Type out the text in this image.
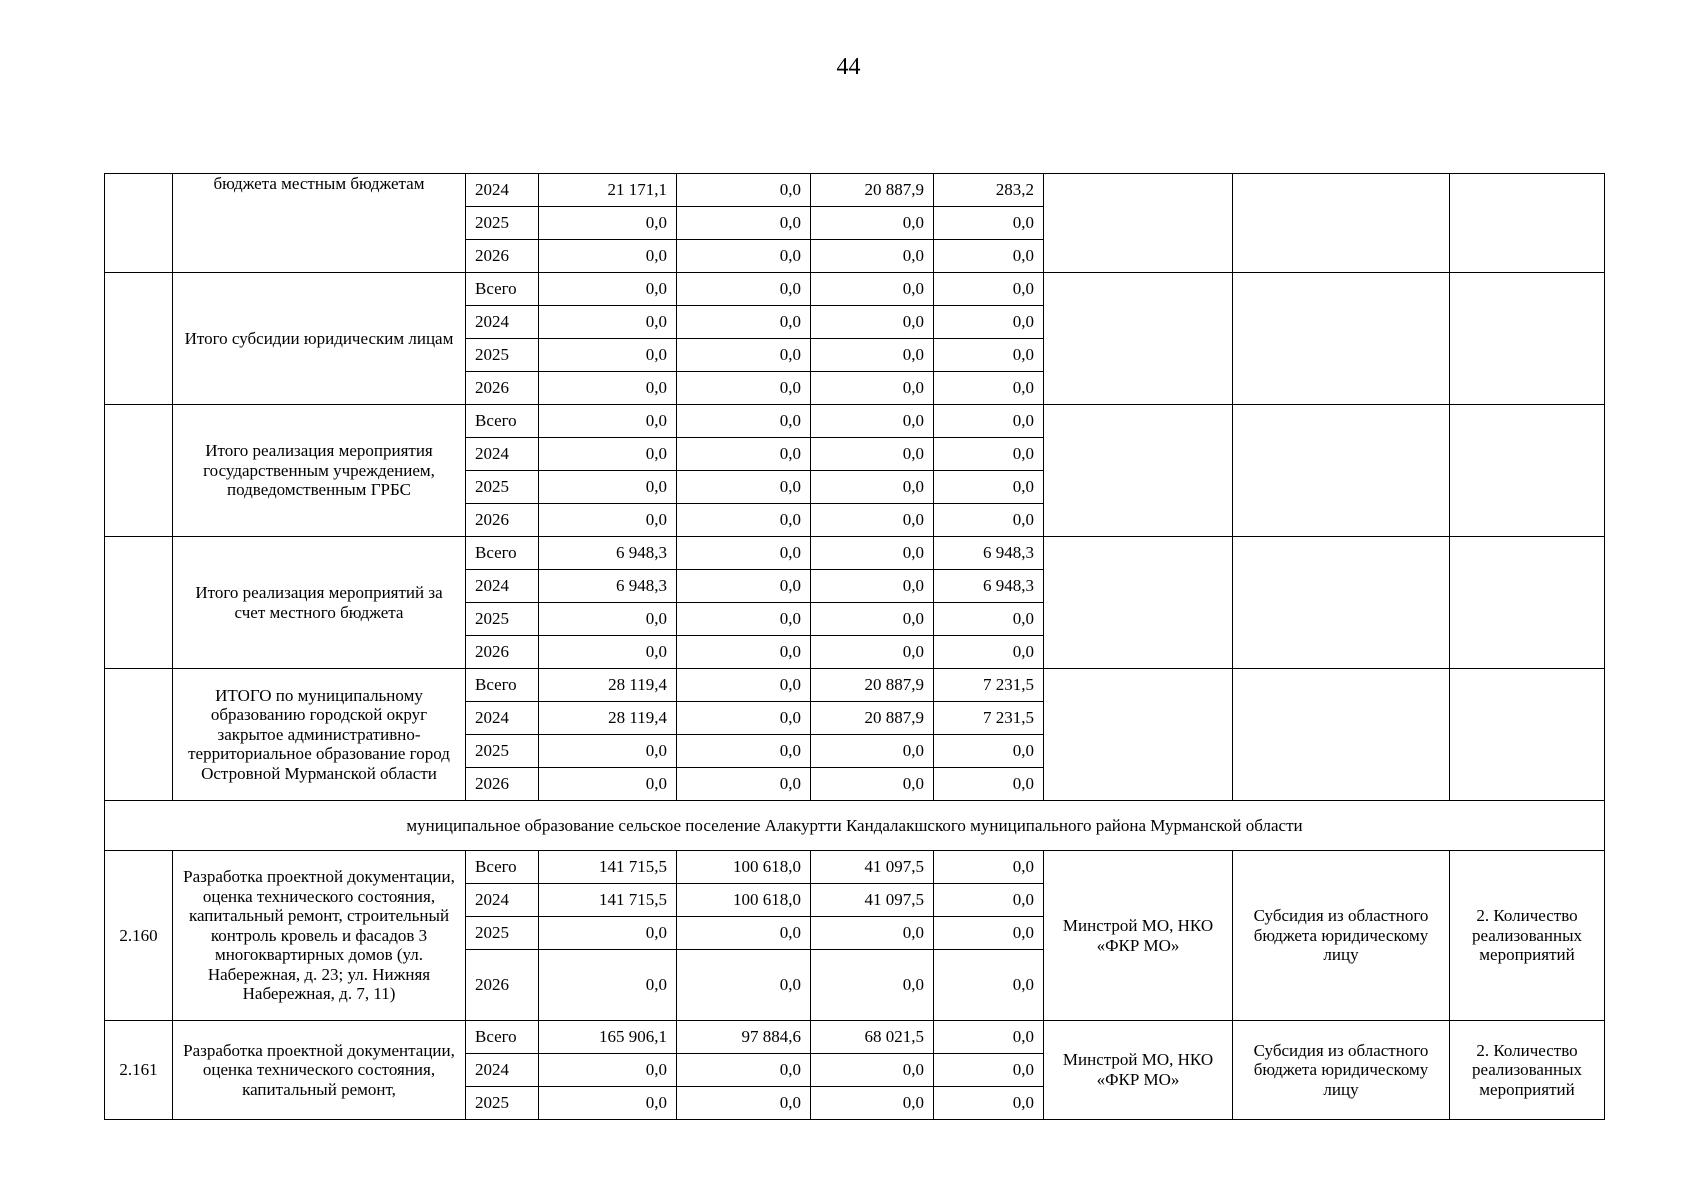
44
	бюджета местным бюджетам	2024	21 171,1	0,0	20 887,9	283,2			
		2025	0,0	0,0	0,0	0,0			
		2026	0,0	0,0	0,0	0,0			
	Итого субсидии юридическим лицам	Всего	0,0	0,0	0,0	0,0			
		2024	0,0	0,0	0,0	0,0			
		2025	0,0	0,0	0,0	0,0			
		2026	0,0	0,0	0,0	0,0			
	Итого реализация мероприятия государственным учреждением, подведомственным ГРБС	Всего	0,0	0,0	0,0	0,0			
		2024	0,0	0,0	0,0	0,0			
		2025	0,0	0,0	0,0	0,0			
		2026	0,0	0,0	0,0	0,0			
	Итого реализация мероприятий за счет местного бюджета	Всего	6 948,3	0,0	0,0	6 948,3			
		2024	6 948,3	0,0	0,0	6 948,3			
		2025	0,0	0,0	0,0	0,0			
		2026	0,0	0,0	0,0	0,0			
	ИТОГО по муниципальному образованию городской округ закрытое административно-территориальное образование город Островной Мурманской области	Всего	28 119,4	0,0	20 887,9	7 231,5			
		2024	28 119,4	0,0	20 887,9	7 231,5			
		2025	0,0	0,0	0,0	0,0			
		2026	0,0	0,0	0,0	0,0			
муниципальное образование сельское поселение Алакуртти Кандалакшского муниципального района Мурманской области									
2.160	Разработка проектной документации, оценка технического состояния, капитальный ремонт, строительный контроль кровель и фасадов 3 многоквартирных домов (ул. Набережная, д. 23; ул. Нижняя Набережная, д. 7, 11)	Всего	141 715,5	100 618,0	41 097,5	0,0	Минстрой МО, НКО «ФКР МО»	Субсидия из областного бюджета юридическому лицу	2. Количество реализованных мероприятий
		2024	141 715,5	100 618,0	41 097,5	0,0			
		2025	0,0	0,0	0,0	0,0			
		2026	0,0	0,0	0,0	0,0			
2.161	Разработка проектной документации, оценка технического состояния, капитальный ремонт,	Всего	165 906,1	97 884,6	68 021,5	0,0	Минстрой МО, НКО «ФКР МО»	Субсидия из областного бюджета юридическому лицу	2. Количество реализованных мероприятий
		2024	0,0	0,0	0,0	0,0			
		2025	0,0	0,0	0,0	0,0			
